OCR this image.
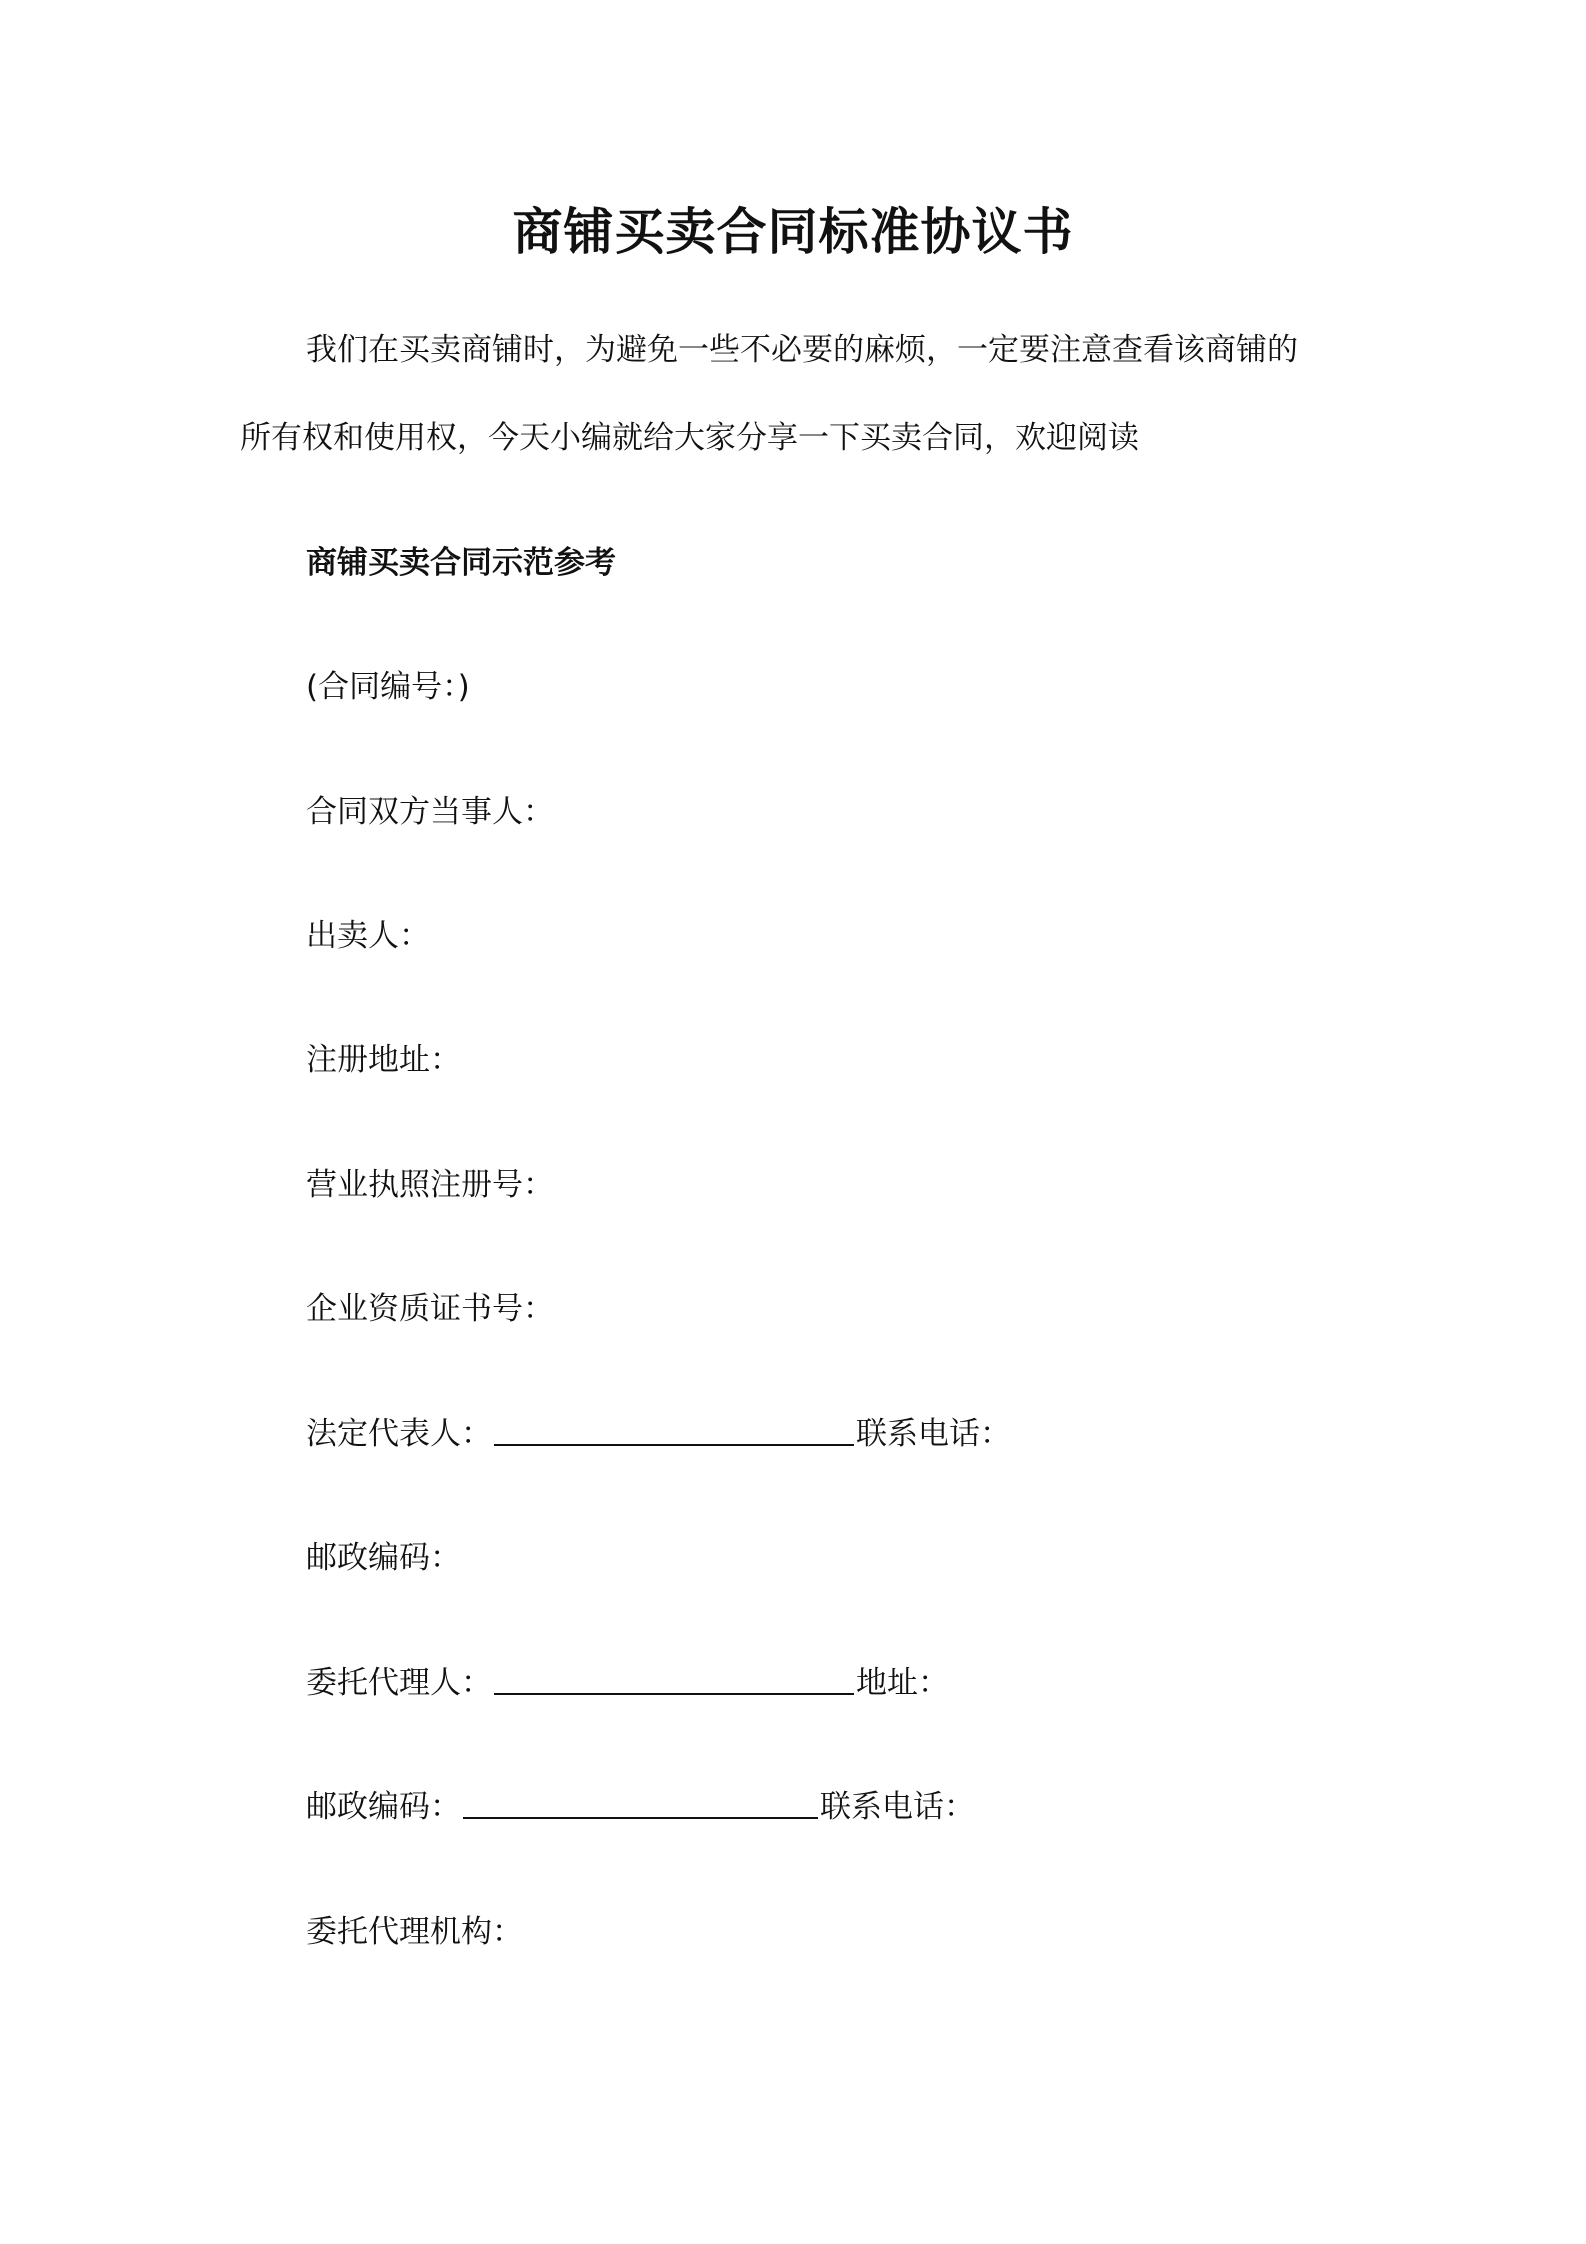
商铺买卖合同标准协议书
我们在买卖商铺时，为避免一些不必要的麻烦，一定要注意查看该商铺的
所有权和使用权，今天小编就给大家分享一下买卖合同，欢迎阅读
商铺买卖合同示范参考
(合同编号：)
合同双方当事人：
出卖人：
注册地址：
营业执照注册号：
企业资质证书号：
法定代表人：	联系电话：
邮政编码：
委托代理人：	地址：
邮政编码：	联系电话：
委托代理机构：
